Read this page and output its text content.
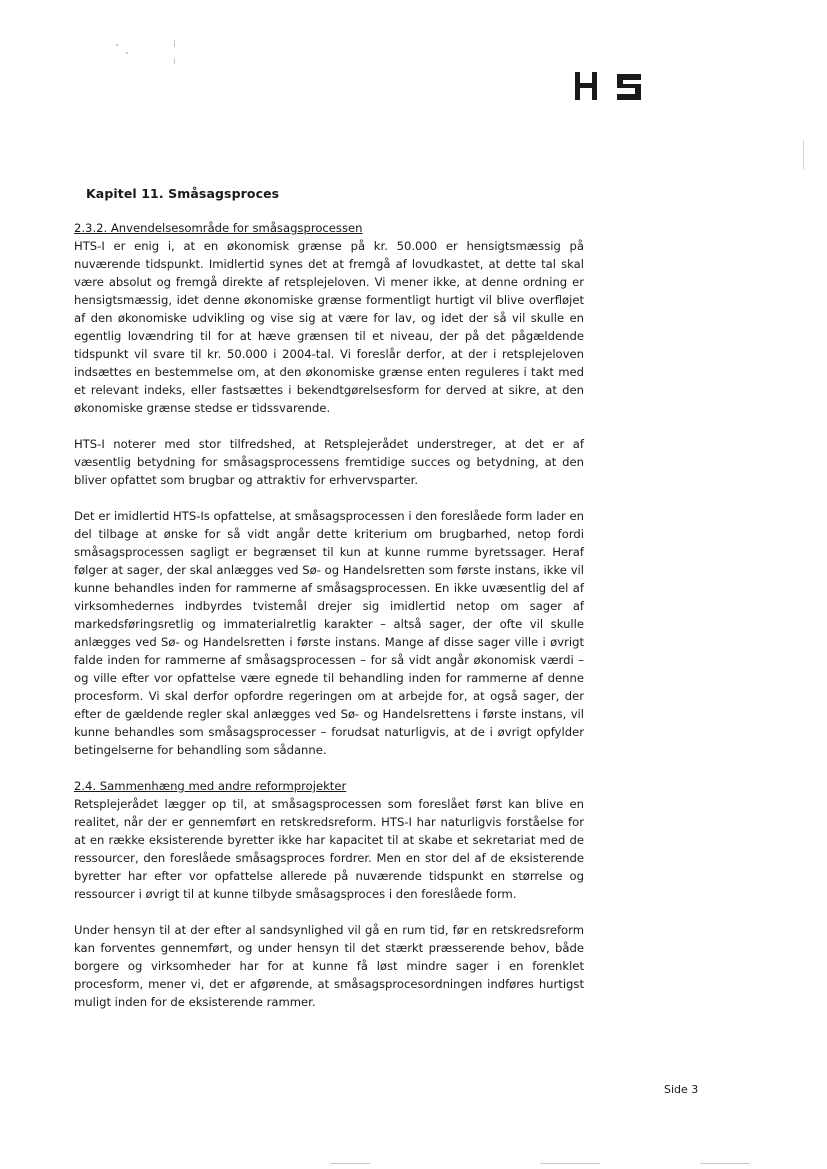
Kapitel 11. Småsagsproces
2.3.2. Anvendelsesområde for småsagsprocessen

HTS-I er enig i, at en økonomisk grænse på kr. 50.000 er hensigtsmæssig på nuværende tidspunkt. Imidlertid synes det at fremgå af lovudkastet, at dette tal skal være absolut og fremgå direkte af retsplejeloven. Vi mener ikke, at denne ordning er hensigtsmæssig, idet denne økonomiske grænse formentligt hurtigt vil blive overfløjet af den økonomiske udvikling og vise sig at være for lav, og idet der så vil skulle en egentlig lovændring til for at hæve grænsen til et niveau, der på det pågældende tidspunkt vil svare til kr. 50.000 i 2004-tal. Vi foreslår derfor, at der i retsplejeloven indsættes en bestemmelse om, at den økonomiske grænse enten reguleres i takt med et relevant indeks, eller fastsættes i bekendtgørelsesform for derved at sikre, at den økonomiske grænse stedse er tidssvarende.

HTS-I noterer med stor tilfredshed, at Retsplejerådet understreger, at det er af væsentlig betydning for småsagsprocessens fremtidige succes og betydning, at den bliver opfattet som brugbar og attraktiv for erhvervsparter.

Det er imidlertid HTS-Is opfattelse, at småsagsprocessen i den foreslåede form lader en del tilbage at ønske for så vidt angår dette kriterium om brugbarhed, netop fordi småsagsprocessen sagligt er begrænset til kun at kunne rumme byretssager. Heraf følger at sager, der skal anlægges ved Sø- og Handelsretten som første instans, ikke vil kunne behandles inden for rammerne af småsagsprocessen. En ikke uvæsentlig del af virksomhedernes indbyrdes tvistemål drejer sig imidlertid netop om sager af markedsføringsretlig og immaterialretlig karakter – altså sager, der ofte vil skulle anlægges ved Sø- og Handelsretten i første instans. Mange af disse sager ville i øvrigt falde inden for rammerne af småsagsprocessen – for så vidt angår økonomisk værdi – og ville efter vor opfattelse være egnede til behandling inden for rammerne af denne procesform. Vi skal derfor opfordre regeringen om at arbejde for, at også sager, der efter de gældende regler skal anlægges ved Sø- og Handelsrettens i første instans, vil kunne behandles som småsagsprocesser – forudsat naturligvis, at de i øvrigt opfylder betingelserne for behandling som sådanne.

2.4. Sammenhæng med andre reformprojekter

Retsplejerådet lægger op til, at småsagsprocessen som foreslået først kan blive en realitet, når der er gennemført en retskredsreform. HTS-I har naturligvis forståelse for at en række eksisterende byretter ikke har kapacitet til at skabe et sekretariat med de ressourcer, den foreslåede småsagsproces fordrer. Men en stor del af de eksisterende byretter har efter vor opfattelse allerede på nuværende tidspunkt en størrelse og ressourcer i øvrigt til at kunne tilbyde småsagsproces i den foreslåede form.

Under hensyn til at der efter al sandsynlighed vil gå en rum tid, før en retskredsreform kan forventes gennemført, og under hensyn til det stærkt præsserende behov, både borgere og virksomheder har for at kunne få løst mindre sager i en forenklet procesform, mener vi, det er afgørende, at småsagsprocesordningen indføres hurtigst muligt inden for de eksisterende rammer.

Side 3
